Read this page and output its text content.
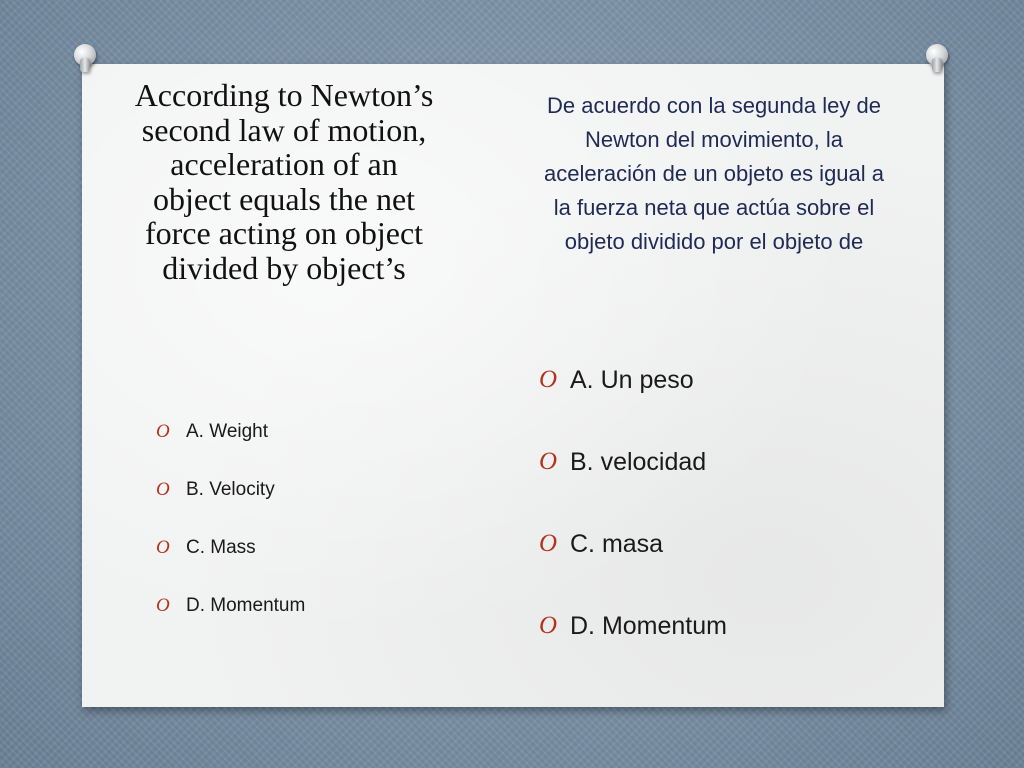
According to Newton’s second law of motion, acceleration of an object equals the net force acting on object divided by object’s
O A. Weight
O B. Velocity
O C. Mass
O D. Momentum
De acuerdo con la segunda ley de Newton del movimiento, la aceleración de un objeto es igual a la fuerza neta que actúa sobre el objeto dividido por el objeto de
O A. Un peso
O B. velocidad
O C. masa
O D. Momentum
